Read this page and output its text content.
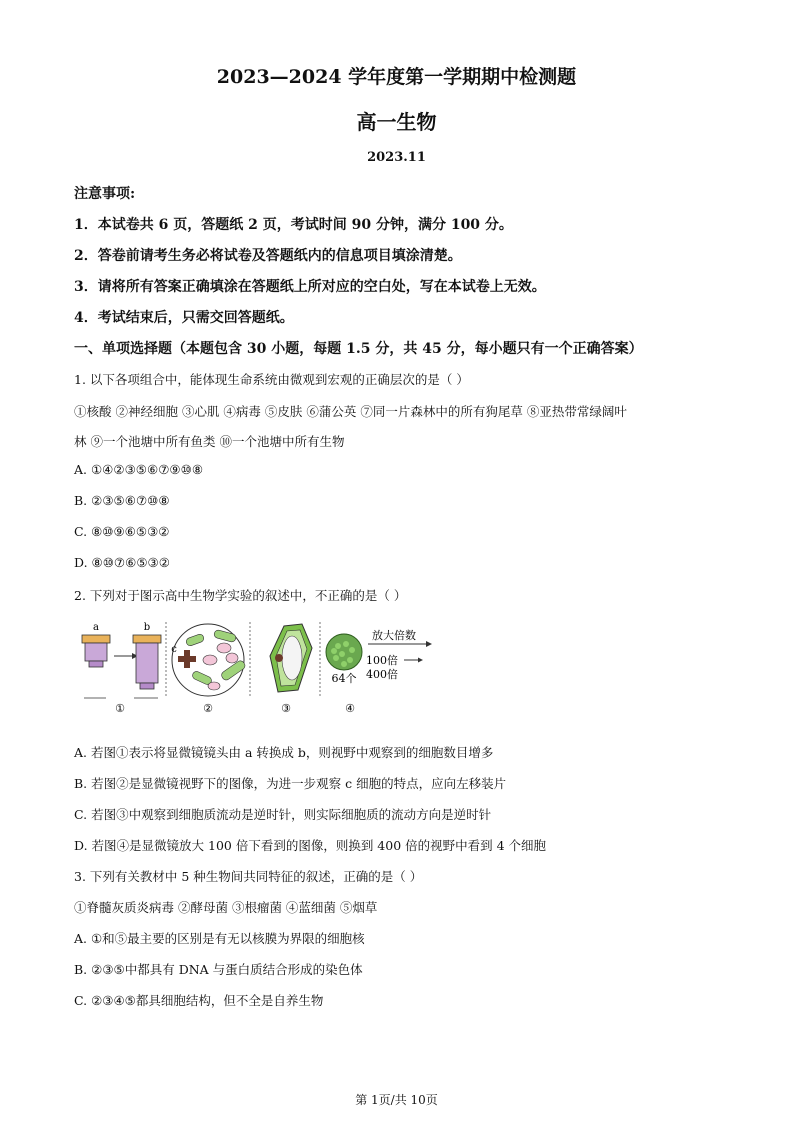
2023—2024 学年度第一学期期中检测题
高一生物
2023.11
注意事项:
1．本试卷共 6 页，答题纸 2 页，考试时间 90 分钟，满分 100 分。
2．答卷前请考生务必将试卷及答题纸内的信息项目填涂清楚。
3．请将所有答案正确填涂在答题纸上所对应的空白处，写在本试卷上无效。
4．考试结束后，只需交回答题纸。
一、单项选择题（本题包含 30 小题，每题 1.5 分，共 45 分，每小题只有一个正确答案）
1. 以下各项组合中，能体现生命系统由微观到宏观的正确层次的是（ ）
①核酸 ②神经细胞 ③心肌 ④病毒 ⑤皮肤 ⑥蒲公英 ⑦同一片森林中的所有狗尾草 ⑧亚热带常绿阔叶
林 ⑨一个池塘中所有鱼类 ⑩一个池塘中所有生物
A. ①④②③⑤⑥⑦⑨⑩⑧
B. ②③⑤⑥⑦⑩⑧
C. ⑧⑩⑨⑥⑤③②
D. ⑧⑩⑦⑥⑤③②
2. 下列对于图示高中生物学实验的叙述中，不正确的是（ ）
a	b
c
64个
放大倍数
100倍
400倍
①	②	③	④
A. 若图①表示将显微镜镜头由 a 转换成 b，则视野中观察到的细胞数目增多
B. 若图②是显微镜视野下的图像，为进一步观察 c 细胞的特点，应向左移装片
C. 若图③中观察到细胞质流动是逆时针，则实际细胞质的流动方向是逆时针
D. 若图④是显微镜放大 100 倍下看到的图像，则换到 400 倍的视野中看到 4 个细胞
3. 下列有关教材中 5 种生物间共同特征的叙述，正确的是（ ）
①脊髓灰质炎病毒 ②酵母菌 ③根瘤菌 ④蓝细菌 ⑤烟草
A. ①和⑤最主要的区别是有无以核膜为界限的细胞核
B. ②③⑤中都具有 DNA 与蛋白质结合形成的染色体
C. ②③④⑤都具细胞结构，但不全是自养生物
第 1页/共 10页
